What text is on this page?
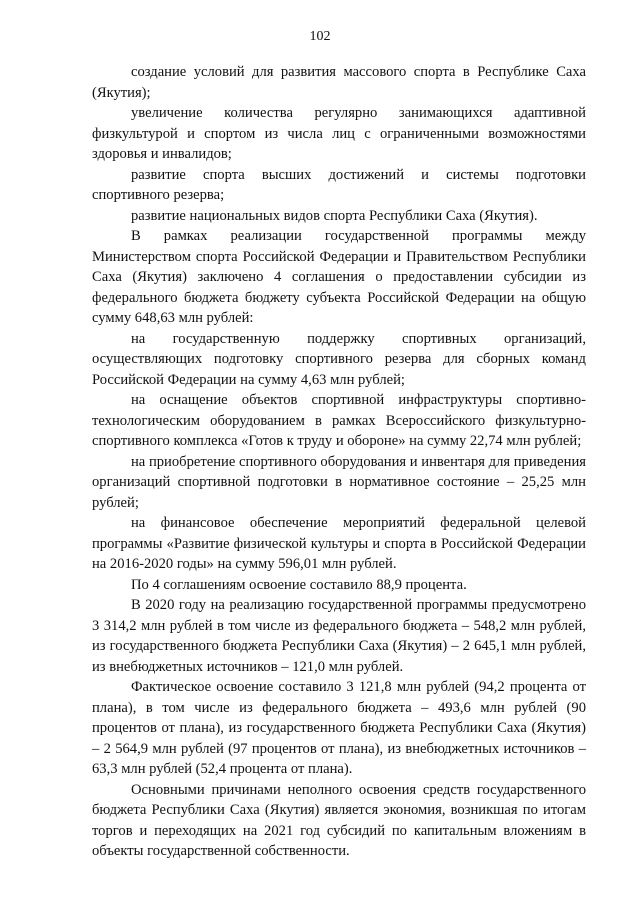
102

создание условий для развития массового спорта в Республике Саха (Якутия);

увеличение количества регулярно занимающихся адаптивной физкультурой и спортом из числа лиц с ограниченными возможностями здоровья и инвалидов;

развитие спорта высших достижений и системы подготовки спортивного резерва;

развитие национальных видов спорта Республики Саха (Якутия).

В рамках реализации государственной программы между Министерством спорта Российской Федерации и Правительством Республики Саха (Якутия) заключено 4 соглашения о предоставлении субсидии из федерального бюджета бюджету субъекта Российской Федерации на общую сумму 648,63 млн рублей:

на государственную поддержку спортивных организаций, осуществляющих подготовку спортивного резерва для сборных команд Российской Федерации на сумму 4,63 млн рублей;

на оснащение объектов спортивной инфраструктуры спортивно-технологическим оборудованием в рамках Всероссийского физкультурно-спортивного комплекса «Готов к труду и обороне» на сумму 22,74 млн рублей;

на приобретение спортивного оборудования и инвентаря для приведения организаций спортивной подготовки в нормативное состояние – 25,25 млн рублей;

на финансовое обеспечение мероприятий федеральной целевой программы «Развитие физической культуры и спорта в Российской Федерации на 2016-2020 годы» на сумму 596,01 млн рублей.

По 4 соглашениям освоение составило 88,9 процента.

В 2020 году на реализацию государственной программы предусмотрено 3 314,2 млн рублей в том числе из федерального бюджета – 548,2 млн рублей, из государственного бюджета Республики Саха (Якутия) – 2 645,1 млн рублей, из внебюджетных источников – 121,0 млн рублей.

Фактическое освоение составило 3 121,8 млн рублей (94,2 процента от плана), в том числе из федерального бюджета – 493,6 млн рублей (90 процентов от плана), из государственного бюджета Республики Саха (Якутия) – 2 564,9 млн рублей (97 процентов от плана), из внебюджетных источников – 63,3 млн рублей (52,4 процента от плана).

Основными причинами неполного освоения средств государственного бюджета Республики Саха (Якутия) является экономия, возникшая по итогам торгов и переходящих на 2021 год субсидий по капитальным вложениям в объекты государственной собственности.
